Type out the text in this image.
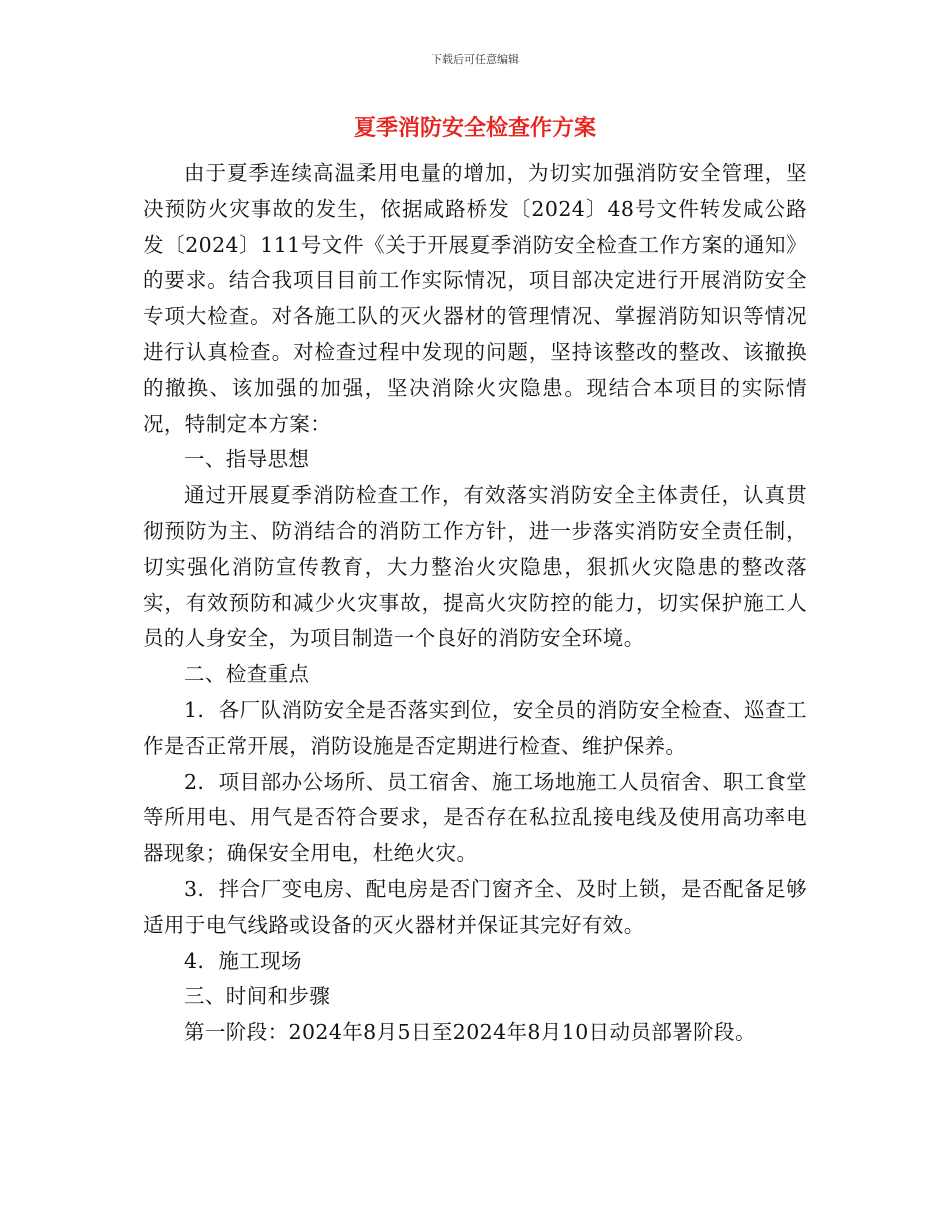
下载后可任意编辑
夏季消防安全检查作方案

由于夏季连续高温柔用电量的增加，为切实加强消防安全管理，坚决预防火灾事故的发生，依据咸路桥发〔2024〕48号文件转发咸公路发〔2024〕111号文件《关于开展夏季消防安全检查工作方案的通知》的要求。结合我项目目前工作实际情况，项目部决定进行开展消防安全专项大检查。对各施工队的灭火器材的管理情况、掌握消防知识等情况进行认真检查。对检查过程中发现的问题，坚持该整改的整改、该撤换的撤换、该加强的加强，坚决消除火灾隐患。现结合本项目的实际情况，特制定本方案：

一、指导思想

通过开展夏季消防检查工作，有效落实消防安全主体责任，认真贯彻预防为主、防消结合的消防工作方针，进一步落实消防安全责任制，切实强化消防宣传教育，大力整治火灾隐患，狠抓火灾隐患的整改落实，有效预防和减少火灾事故，提高火灾防控的能力，切实保护施工人员的人身安全，为项目制造一个良好的消防安全环境。

二、检查重点

1．各厂队消防安全是否落实到位，安全员的消防安全检查、巡查工作是否正常开展，消防设施是否定期进行检查、维护保养。

2．项目部办公场所、员工宿舍、施工场地施工人员宿舍、职工食堂等所用电、用气是否符合要求，是否存在私拉乱接电线及使用高功率电器现象；确保安全用电，杜绝火灾。

3．拌合厂变电房、配电房是否门窗齐全、及时上锁，是否配备足够适用于电气线路或设备的灭火器材并保证其完好有效。

4．施工现场

三、时间和步骤

第一阶段：2024年8月5日至2024年8月10日动员部署阶段。
